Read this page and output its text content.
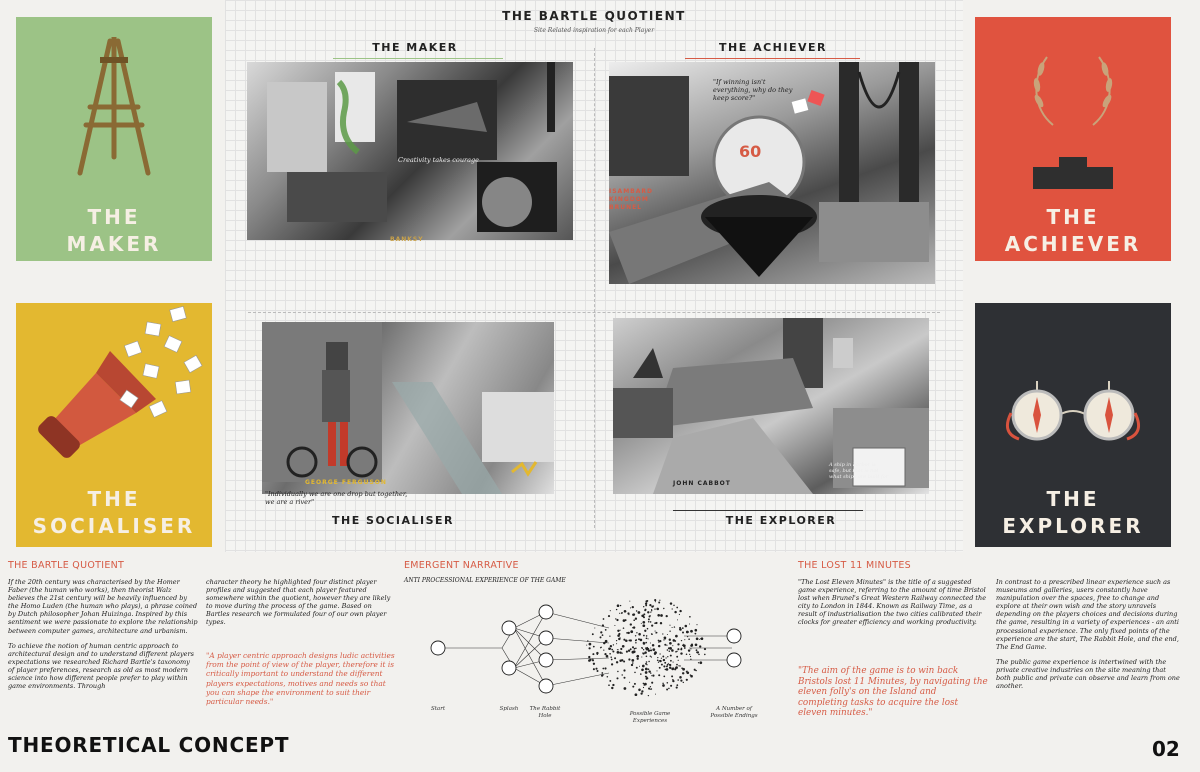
THE
MAKER
THE
ACHIEVER
THE
SOCIALISER
THE
EXPLORER
THE BARTLE QUOTIENT
Site Related inspiration for each Player
THE MAKER
Creativity takes courage
BANKSY
THE ACHIEVER
60
"If winning isn't everything, why do they keep score?"
ISAMBARD
KINGDOM
BRUNEL
GEORGE FERGUSON
"Individually we are one drop but together, we are a river"
THE SOCIALISER
JOHN CABBOT
A ship in harbor is safe, but that is not what ships are built for
THE EXPLORER
THE BARTLE QUOTIENT

If the 20th century was characterised by the Homer Faber (the human who works), then theorist Walz believes the 21st century will be heavily influenced by the Homo Luden (the human who plays), a phrase coined by Dutch philosopher Johan Huizinga. Inspired by this sentiment we were passionate to explore the relationship between computer games, architecture and urbanism.

To achieve the notion of human centric approach to architectural design and to understand different players expectations we researched Richard Bartle's taxonomy of player preferences, research as old as most modern science into how different people prefer to play within game environments. Through

character theory he highlighted four distinct player profiles and suggested that each player featured somewhere within the quotient, however they are likely to move during the process of the game. Based on Bartles research we formulated four of our own player types.

"A player centric approach designs ludic activities from the point of view of the player, therefore it is critically important to understand the different players expectations, motives and needs so that you can shape the environment to suit their particular needs."
EMERGENT NARRATIVE
ANTI PROCESSIONAL EXPERIENCE OF THE GAME
Start	Splash	The Rabbit Hole	Possible Game Experiences
A Number of Possible Endings
THE LOST 11 MINUTES
"The Lost Eleven Minutes" is the title of a suggested game experience, referring to the amount of time Bristol lost when Brunel's Great Western Railway connected the city to London in 1844. Known as Railway Time, as a result of industrialisation the two cities calibrated their clocks for greater efficiency and working productivity.
"The aim of the game is to win back Bristols lost 11 Minutes, by navigating the eleven folly's on the Island and completing tasks to acquire the lost eleven minutes."

In contrast to a prescribed linear experience such as museums and galleries, users constantly have manipulation over the spaces, free to change and explore at their own wish and the story unravels depending on the players choices and decisions during the game, resulting in a variety of experiences - an anti processional experience. The only fixed points of the experience are the start, The Rabbit Hole, and the end, The End Game.

The public game experience is intertwined with the private creative industries on the site meaning that both public and private can observe and learn from one another.

THEORETICAL CONCEPT	02
